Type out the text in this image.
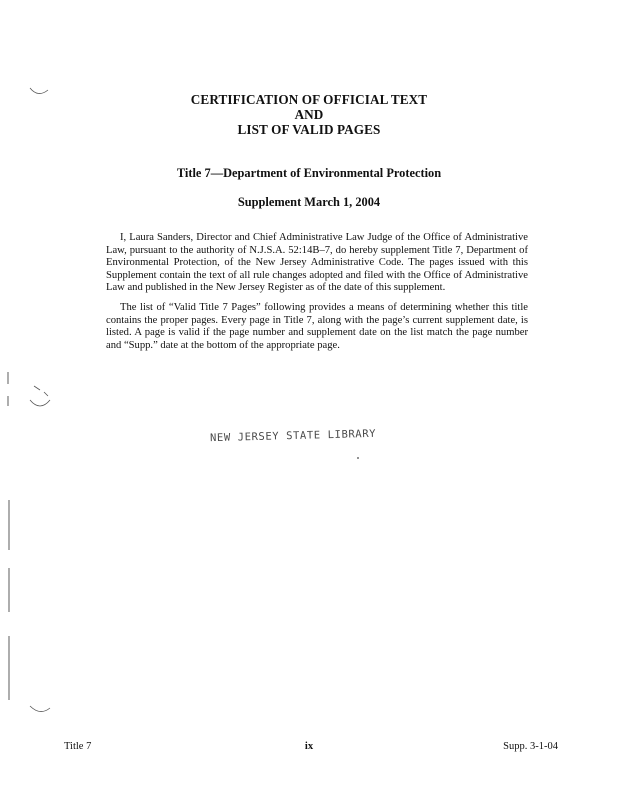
CERTIFICATION OF OFFICIAL TEXT
AND
LIST OF VALID PAGES
Title 7—Department of Environmental Protection
Supplement March 1, 2004

I, Laura Sanders, Director and Chief Administrative Law Judge of the Office of Administrative Law, pursuant to the authority of N.J.S.A. 52:14B–7, do hereby supplement Title 7, Department of Environmental Protection, of the New Jersey Administrative Code. The pages issued with this Supplement contain the text of all rule changes adopted and filed with the Office of Administrative Law and published in the New Jersey Register as of the date of this supplement.

The list of “Valid Title 7 Pages” following provides a means of determining whether this title contains the proper pages. Every page in Title 7, along with the page’s current supplement date, is listed. A page is valid if the page number and supplement date on the list match the page number and “Supp.” date at the bottom of the appropriate page.

NEW JERSEY STATE LIBRARY
Title 7	ix	Supp. 3-1-04
